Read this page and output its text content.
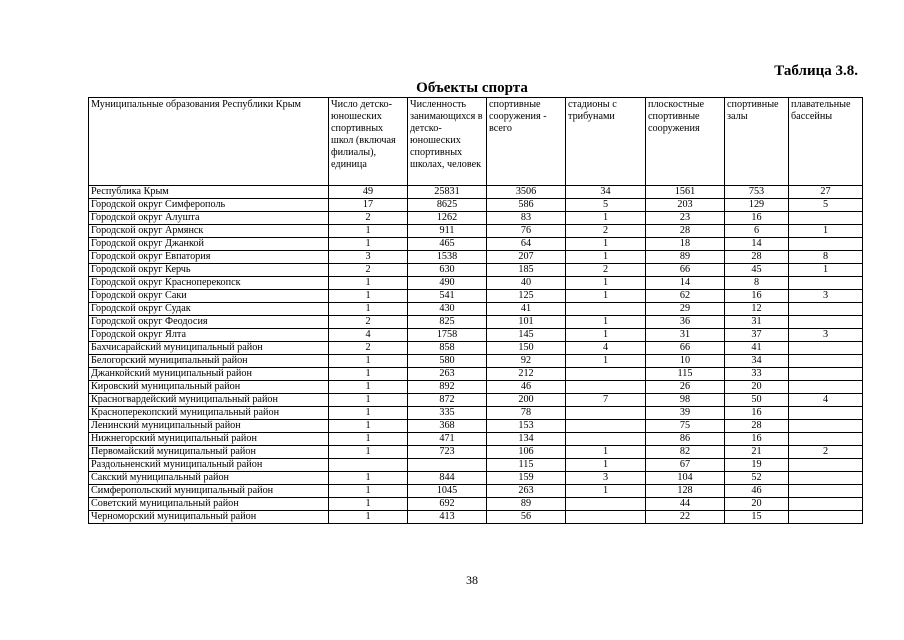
Таблица 3.8.
Объекты спорта
Муниципальные образования Республики Крым	Число детско-юношеских спортивных школ (включая филиалы), единица	Численность занимающихся в детско-юношеских спортивных школах, человек	спортивные сооружения - всего	стадионы с трибунами	плоскостные спортивные сооружения	спортивные залы	плавательные бассейны
Республика Крым	49	25831	3506	34	1561	753	27
Городской округ Симферополь	17	8625	586	5	203	129	5
Городской округ Алушта	2	1262	83	1	23	16	
Городской округ Армянск	1	911	76	2	28	6	1
Городской округ Джанкой	1	465	64	1	18	14	
Городской округ Евпатория	3	1538	207	1	89	28	8
Городской округ Керчь	2	630	185	2	66	45	1
Городской округ Красноперекопск	1	490	40	1	14	8	
Городской округ Саки	1	541	125	1	62	16	3
Городской округ Судак	1	430	41		29	12	
Городской округ Феодосия	2	825	101	1	36	31	
Городской округ Ялта	4	1758	145	1	31	37	3
Бахчисарайский муниципальный район	2	858	150	4	66	41	
Белогорский муниципальный район	1	580	92	1	10	34	
Джанкойский муниципальный район	1	263	212		115	33	
Кировский муниципальный район	1	892	46		26	20	
Красногвардейский муниципальный район	1	872	200	7	98	50	4
Красноперекопский муниципальный район	1	335	78		39	16	
Ленинский муниципальный район	1	368	153		75	28	
Нижнегорский муниципальный район	1	471	134		86	16	
Первомайский муниципальный район	1	723	106	1	82	21	2
Раздольненский муниципальный район			115	1	67	19	
Сакский муниципальный район	1	844	159	3	104	52	
Симферопольский муниципальный район	1	1045	263	1	128	46	
Советский муниципальный район	1	692	89		44	20	
Черноморский муниципальный район	1	413	56		22	15	
38
